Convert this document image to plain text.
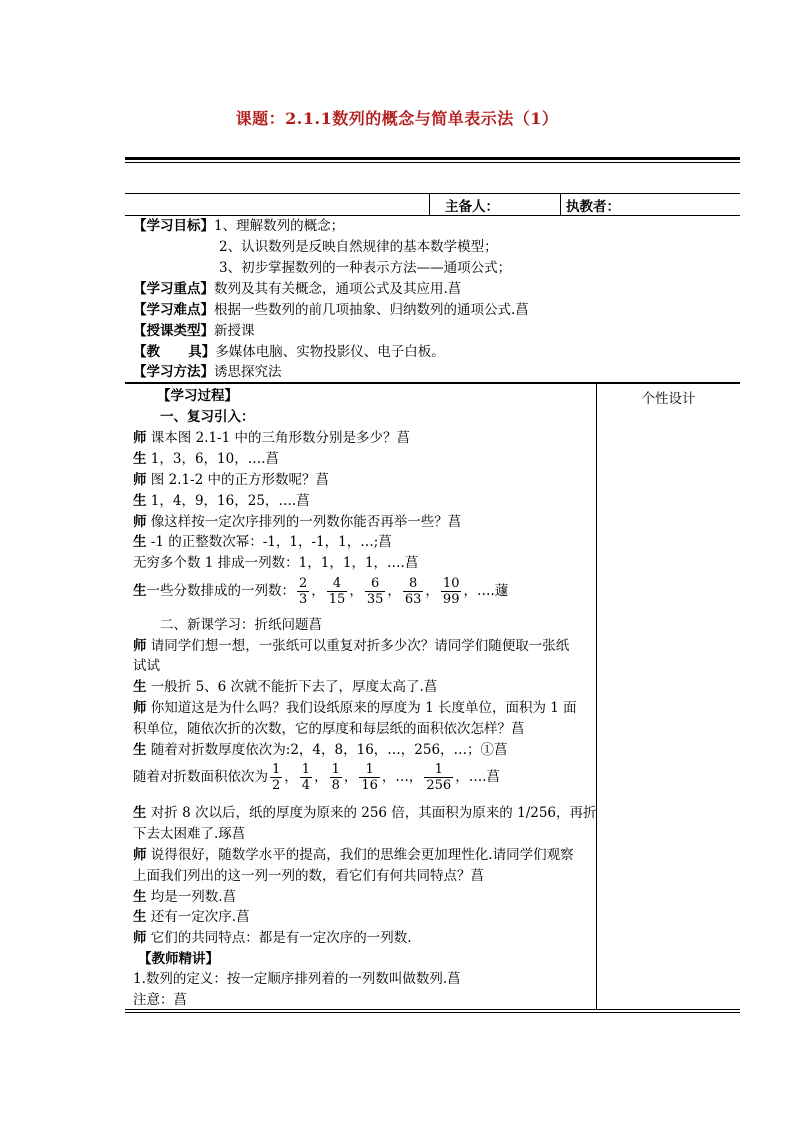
课题：2.1.1数列的概念与简单表示法（1）
主备人：	执教者：
【学习目标】1、理解数列的概念；
2、认识数列是反映自然规律的基本数学模型；
3、初步掌握数列的一种表示方法——通项公式；
【学习重点】数列及其有关概念，通项公式及其应用.菖
【学习难点】根据一些数列的前几项抽象、归纳数列的通项公式.菖
【授课类型】新授课
【教      具】多媒体电脑、实物投影仪、电子白板。
【学习方法】诱思探究法
个性设计
【学习过程】
一、复习引入：
师 课本图 2.1-1 中的三角形数分别是多少？菖
生 1，3，6，10，….菖
师 图 2.1-2 中的正方形数呢？菖
生 1，4，9，16，25，….菖
师 像这样按一定次序排列的一列数你能否再举一些？菖
生 -1 的正整数次幂：-1，1，-1，1，…;菖
无穷多个数 1 排成一列数：1，1，1，1，….菖
生 一些分数排成的一列数： $\frac{2}{3}$ ， $\frac{4}{15}$ ， $\frac{6}{35}$ ， $\frac{8}{63}$ ， $\frac{10}{99}$ ，….蘧
二、新课学习：折纸问题菖
师 请同学们想一想，一张纸可以重复对折多少次？请同学们随便取一张纸
试试
生 一般折 5、6 次就不能折下去了，厚度太高了.菖
师 你知道这是为什么吗？我们设纸原来的厚度为 1 长度单位，面积为 1 面
积单位，随依次折的次数，它的厚度和每层纸的面积依次怎样？菖
生 随着对折数厚度依次为:2，4，8，16，…，256，…；①菖
随着对折数面积依次为 $\frac{1}{2}$ ， $\frac{1}{4}$ ， $\frac{1}{8}$ ， $\frac{1}{16}$ ，…， $\frac{1}{256}$ ，….菖
生 对折 8 次以后，纸的厚度为原来的 256 倍，其面积为原来的 1/256，再折
下去太困难了.琢菖
师 说得很好，随数学水平的提高，我们的思维会更加理性化.请同学们观察
上面我们列出的这一列一列的数，看它们有何共同特点？菖
生 均是一列数.菖
生 还有一定次序.菖
师 它们的共同特点：都是有一定次序的一列数.
【教师精讲】
1.数列的定义：按一定顺序排列着的一列数叫做数列.菖
注意：菖
